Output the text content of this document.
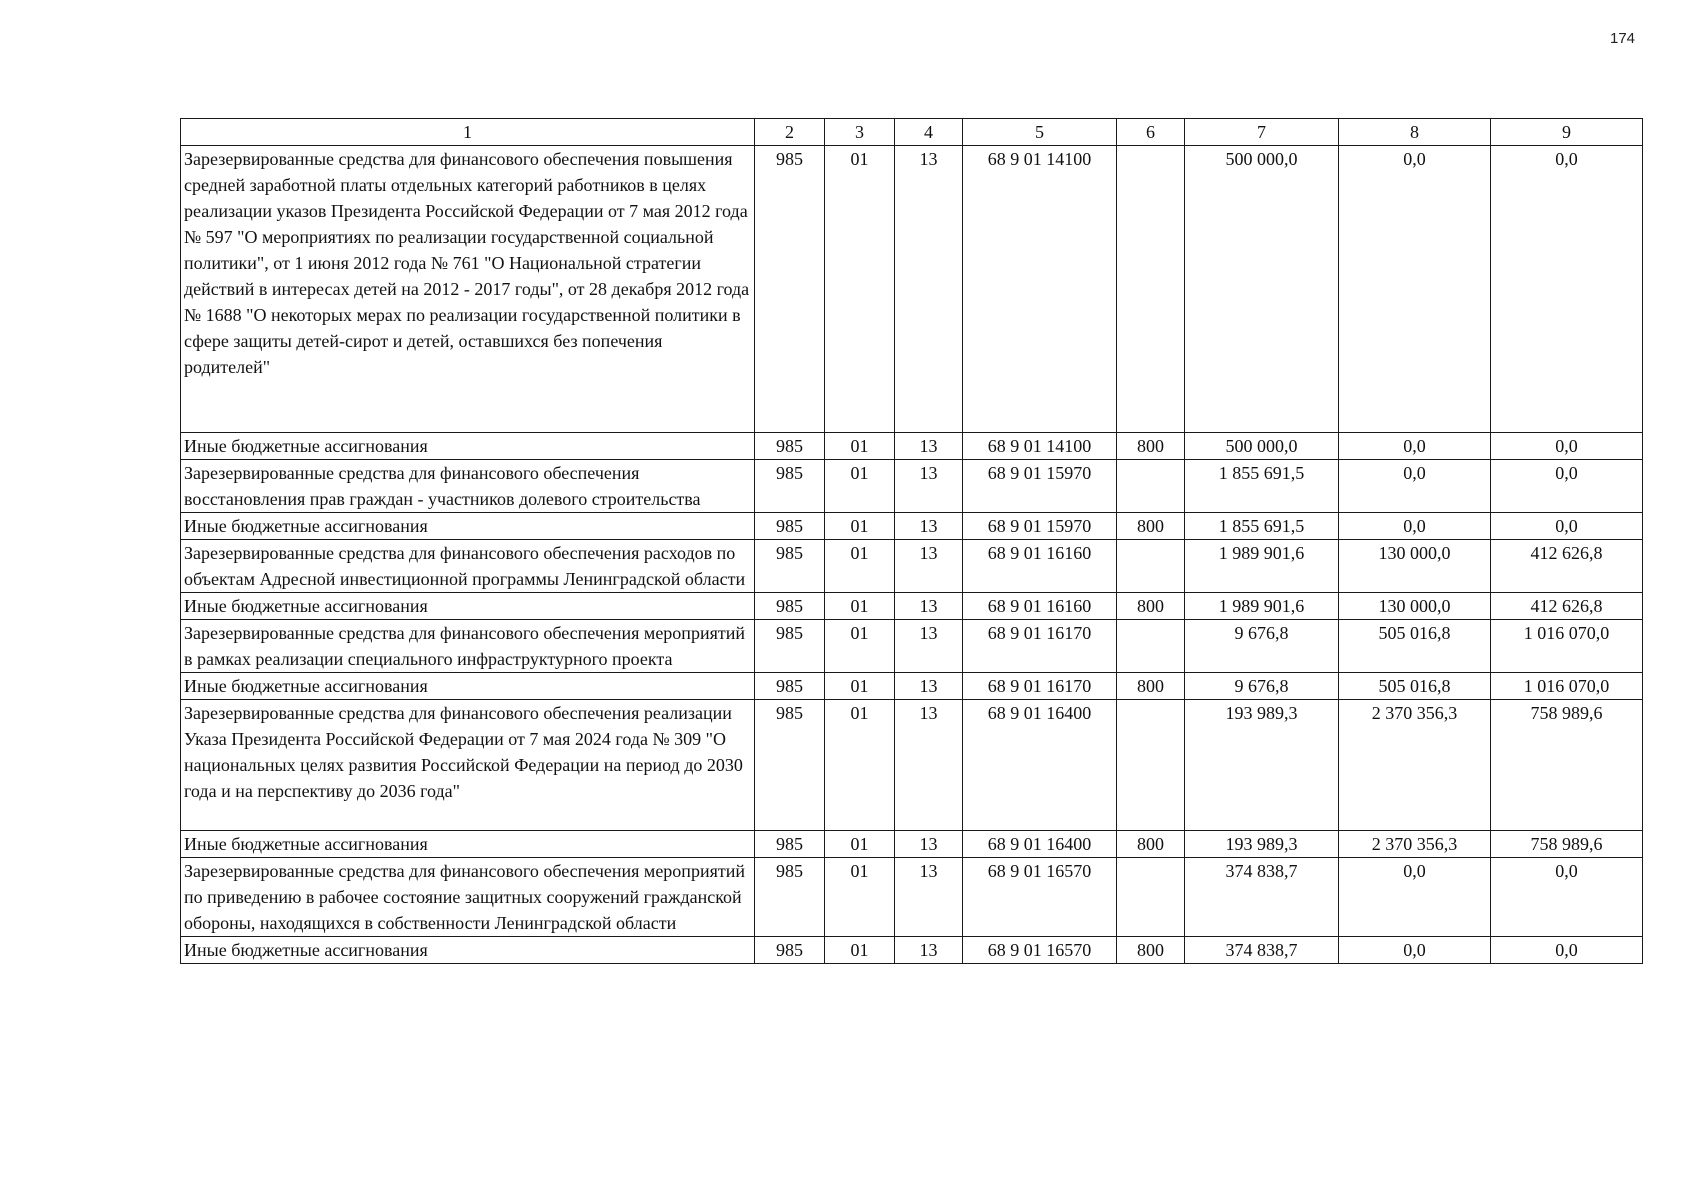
174
1	2	3	4	5	6	7	8	9
Зарезервированные средства для финансового обеспечения повышения средней заработной платы отдельных категорий работников в целях реализации указов Президента Российской Федерации от 7 мая 2012 года № 597 "О мероприятиях по реализации государственной социальной политики", от 1 июня 2012 года № 761 "О Национальной стратегии действий в интересах детей на 2012 - 2017 годы", от 28 декабря 2012 года № 1688 "О некоторых мерах по реализации государственной политики в сфере защиты детей-сирот и детей, оставшихся без попечения родителей"	985	01	13	68 9 01 14100		500 000,0	0,0	0,0
Иные бюджетные ассигнования	985	01	13	68 9 01 14100	800	500 000,0	0,0	0,0
Зарезервированные средства для финансового обеспечения восстановления прав граждан - участников долевого строительства	985	01	13	68 9 01 15970		1 855 691,5	0,0	0,0
Иные бюджетные ассигнования	985	01	13	68 9 01 15970	800	1 855 691,5	0,0	0,0
Зарезервированные средства для финансового обеспечения расходов по объектам Адресной инвестиционной программы Ленинградской области	985	01	13	68 9 01 16160		1 989 901,6	130 000,0	412 626,8
Иные бюджетные ассигнования	985	01	13	68 9 01 16160	800	1 989 901,6	130 000,0	412 626,8
Зарезервированные средства для финансового обеспечения мероприятий в рамках реализации специального инфраструктурного проекта	985	01	13	68 9 01 16170		9 676,8	505 016,8	1 016 070,0
Иные бюджетные ассигнования	985	01	13	68 9 01 16170	800	9 676,8	505 016,8	1 016 070,0
Зарезервированные средства для финансового обеспечения реализации Указа Президента Российской Федерации от 7 мая 2024 года № 309 "О национальных целях развития Российской Федерации на период до 2030 года и на перспективу до 2036 года"	985	01	13	68 9 01 16400		193 989,3	2 370 356,3	758 989,6
Иные бюджетные ассигнования	985	01	13	68 9 01 16400	800	193 989,3	2 370 356,3	758 989,6
Зарезервированные средства для финансового обеспечения мероприятий по приведению в рабочее состояние защитных сооружений гражданской обороны, находящихся в собственности Ленинградской области	985	01	13	68 9 01 16570		374 838,7	0,0	0,0
Иные бюджетные ассигнования	985	01	13	68 9 01 16570	800	374 838,7	0,0	0,0
